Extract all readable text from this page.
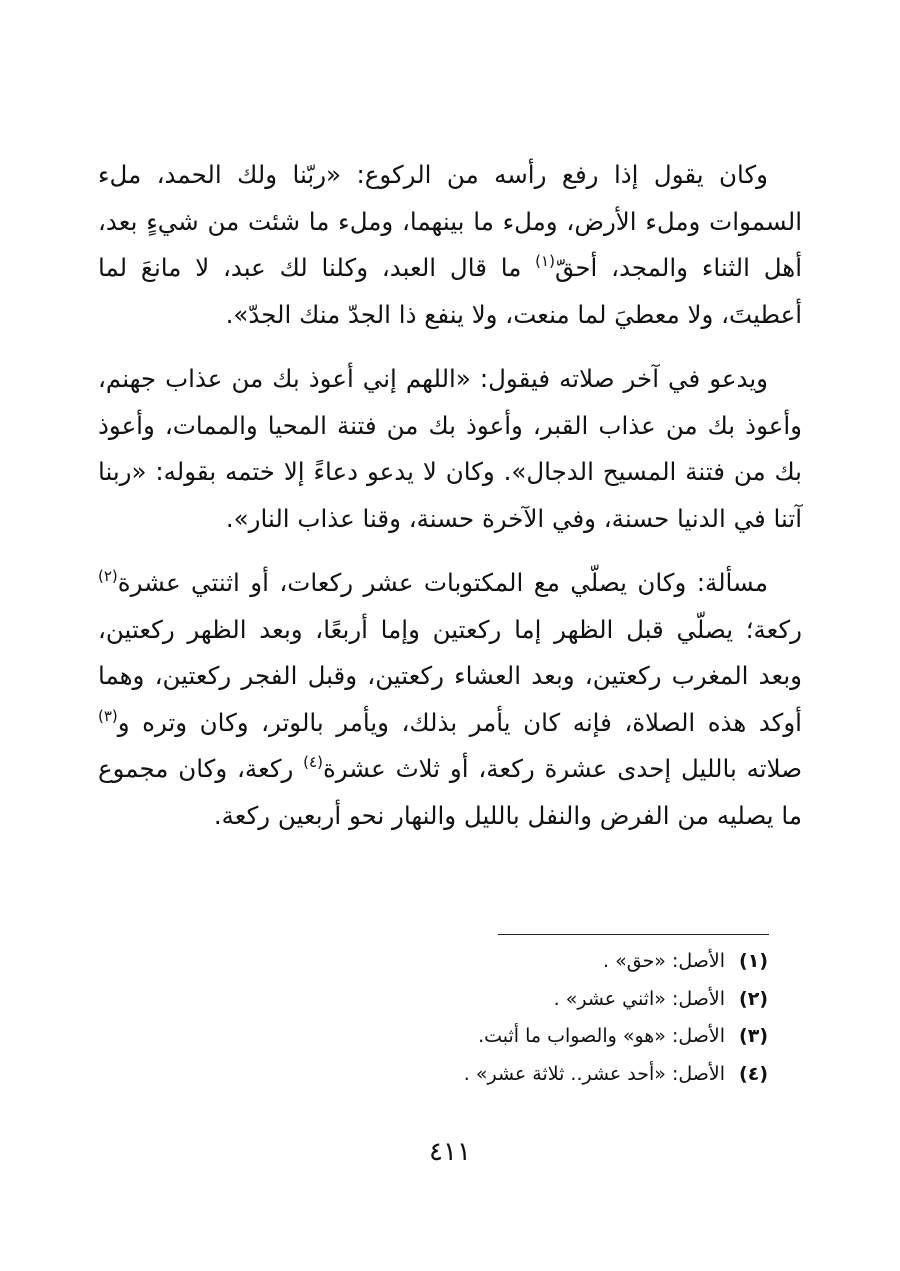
وكان يقول إذا رفع رأسه من الركوع: «ربّنا ولك الحمد، ملء السموات وملء الأرض، وملء ما بينهما، وملء ما شئت من شيءٍ بعد، أهل الثناء والمجد، أحقّ$^{(١)}$ ما قال العبد، وكلنا لك عبد، لا مانعَ لما أعطيتَ، ولا معطيَ لما منعت، ولا ينفع ذا الجدّ منك الجدّ».

ويدعو في آخر صلاته فيقول: «اللهم إني أعوذ بك من عذاب جهنم، وأعوذ بك من عذاب القبر، وأعوذ بك من فتنة المحيا والممات، وأعوذ بك من فتنة المسيح الدجال». وكان لا يدعو دعاءً إلا ختمه بقوله: «ربنا آتنا في الدنيا حسنة، وفي الآخرة حسنة، وقنا عذاب النار».

مسألة: وكان يصلّي مع المكتوبات عشر ركعات، أو اثنتي عشرة$^{(٢)}$ ركعة؛ يصلّي قبل الظهر إما ركعتين وإما أربعًا، وبعد الظهر ركعتين، وبعد المغرب ركعتين، وبعد العشاء ركعتين، وقبل الفجر ركعتين، وهما أوكد هذه الصلاة، فإنه كان يأمر بذلك، ويأمر بالوتر، وكان وتره و$^{(٣)}$ صلاته بالليل إحدى عشرة ركعة، أو ثلاث عشرة$^{(٤)}$ ركعة، وكان مجموع ما يصليه من الفرض والنفل بالليل والنهار نحو أربعين ركعة.

(١)الأصل: «حق» .
(٢)الأصل: «اثني عشر» .
(٣)الأصل: «هو» والصواب ما أثبت.
(٤)الأصل: «أحد عشر.. ثلاثة عشر» .
٤١١
